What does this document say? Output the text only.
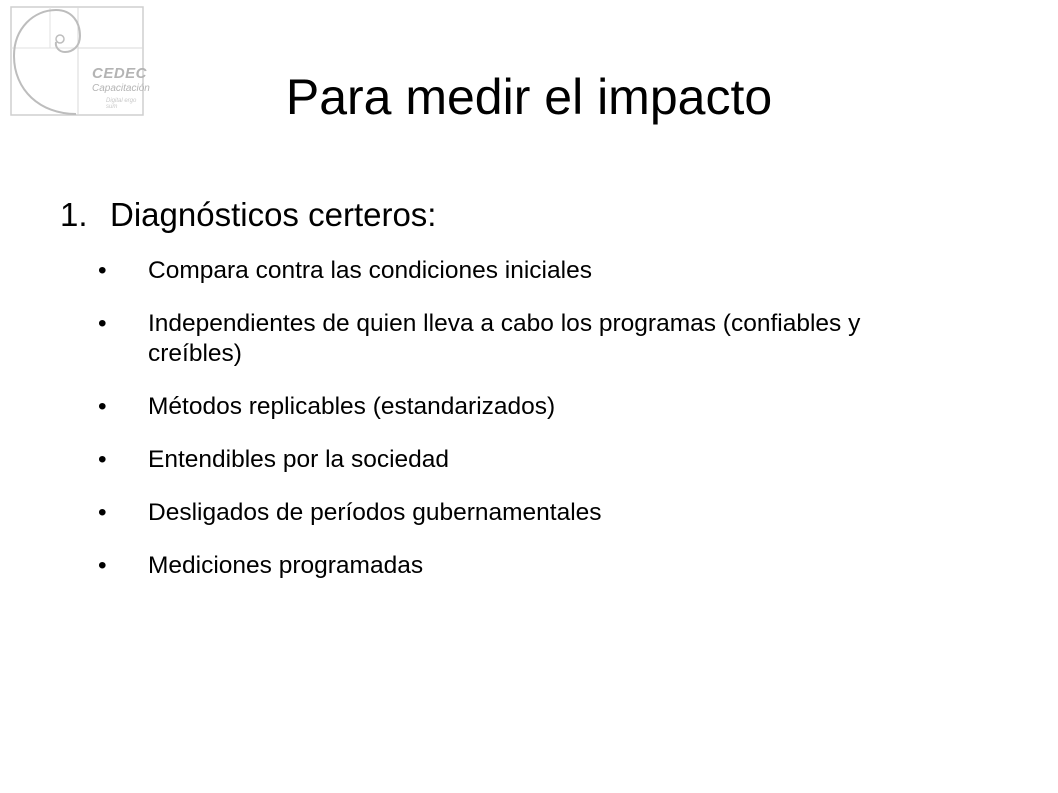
CEDEC
Capacitación
Digital ergo sum	Para medir el impacto
1. Diagnósticos certeros:
• Compara contra las condiciones iniciales
• Independientes de quien lleva a cabo los programas (confiables y creíbles)
• Métodos replicables (estandarizados)
• Entendibles por la sociedad
• Desligados de períodos gubernamentales
• Mediciones programadas
